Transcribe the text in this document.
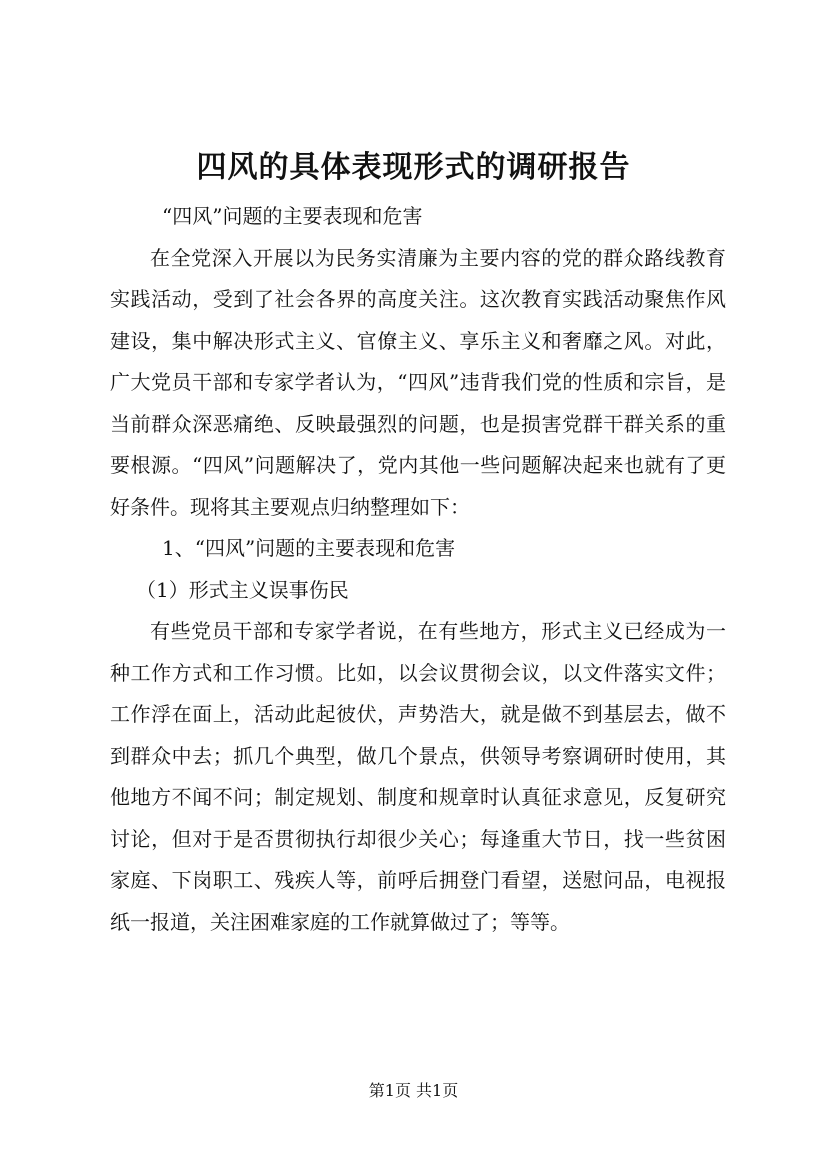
四风的具体表现形式的调研报告

“四风”问题的主要表现和危害

在全党深入开展以为民务实清廉为主要内容的党的群众路线教育实践活动，受到了社会各界的高度关注。这次教育实践活动聚焦作风建设，集中解决形式主义、官僚主义、享乐主义和奢靡之风。对此，广大党员干部和专家学者认为，“四风”违背我们党的性质和宗旨，是当前群众深恶痛绝、反映最强烈的问题，也是损害党群干群关系的重要根源。“四风”问题解决了，党内其他一些问题解决起来也就有了更好条件。现将其主要观点归纳整理如下：

1、“四风”问题的主要表现和危害

（1）形式主义误事伤民

有些党员干部和专家学者说，在有些地方，形式主义已经成为一种工作方式和工作习惯。比如，以会议贯彻会议，以文件落实文件；工作浮在面上，活动此起彼伏，声势浩大，就是做不到基层去，做不到群众中去；抓几个典型，做几个景点，供领导考察调研时使用，其他地方不闻不问；制定规划、制度和规章时认真征求意见，反复研究讨论，但对于是否贯彻执行却很少关心；每逢重大节日，找一些贫困家庭、下岗职工、残疾人等，前呼后拥登门看望，送慰问品，电视报纸一报道，关注困难家庭的工作就算做过了；等等。

第1页 共1页
